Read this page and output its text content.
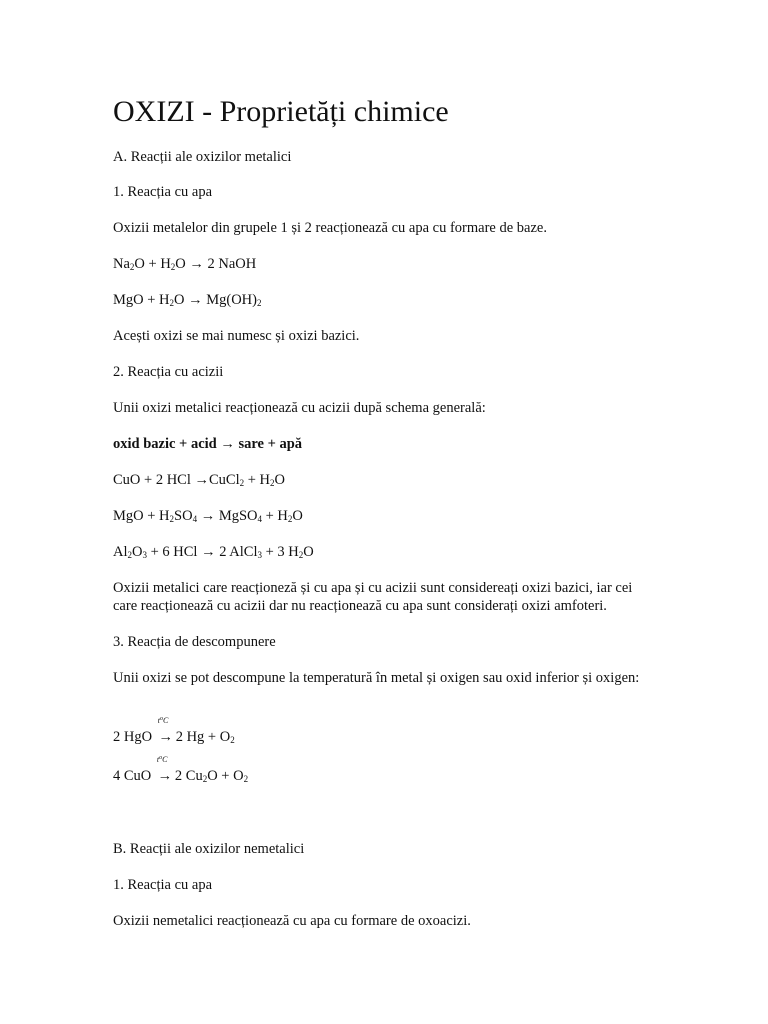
OXIZI - Proprietăți chimice

A. Reacții ale oxizilor metalici

1. Reacția cu apa

Oxizii metalelor din grupele 1 și 2 reacționează cu apa cu formare de baze.

$Na_2O + H_2O \to 2$ NaOH

MgO + $H_2O \to Mg(OH)_2$

Acești oxizi se mai numesc și oxizi bazici.

2. Reacția cu acizii

Unii oxizi metalici reacționează cu acizii după schema generală:

oxid bazic + acid → sare + apă

CuO + 2 HCl →CuCl$_2$ + $H_2O$

MgO + $H_2SO_4$ → MgSO$_4$ + $H_2O$

$Al_2O_3 + 6$ HCl → 2 AlCl$_3$ + 3 $H_2O$

Oxizii metalici care reacționeză și cu apa și cu acizii sunt considereați oxizi bazici, iar cei care reacționează cu acizii dar nu reacționează cu apa sunt considerați oxizi amfoteri.

3. Reacția de descompunere

Unii oxizi se pot descompune la temperatură în metal și oxigen sau oxid inferior și oxigen:

2 HgO
$t^oC$
→ 2 $Hg + O_2$

4 CuO
$t^oC$
→ 2 $Cu_2O + O_2$

B. Reacții ale oxizilor nemetalici

1. Reacția cu apa

Oxizii nemetalici reacționează cu apa cu formare de oxoacizi.
